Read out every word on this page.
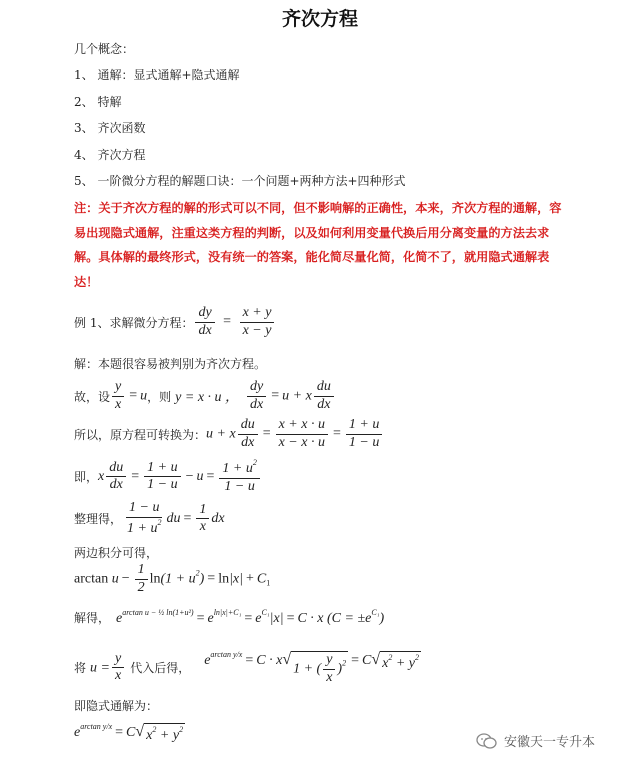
齐次方程
几个概念：
1、 通解：显式通解+隐式通解
2、 特解
3、 齐次函数
4、 齐次方程
5、 一阶微分方程的解题口诀：一个问题+两种方法+四种形式
注：关于齐次方程的解的形式可以不同，但不影响解的正确性，本来，齐次方程的通解，容易出现隐式通解，注重这类方程的判断，以及如何利用变量代换后用分离变量的方法去求解。具体解的最终形式，没有统一的答案，能化简尽量化简，化简不了，就用隐式通解表达！
例 1、求解微分方程： $\frac{dy}{dx} = \frac{x + y}{x - y}$
解：本题很容易被判别为齐次方程。
故，设 $\frac{y}{x} = u$ ，则 y = x · u ， $\frac{dy}{dx} = u + x \frac{du}{dx}$
所以，原方程可转换为： u + x $\frac{du}{dx} = \frac{x + x \cdot u}{x - x \cdot u} = \frac{1 + u}{1 - u}$
即， x $\frac{du}{dx} = \frac{1 + u}{1 - u} - u = \frac{1 + u^2}{1 - u}$
整理得， $\frac{1 - u}{1 + u^2}$ du = $\frac{1}{x}$ dx
两边积分可得，
$\arctan u - \frac{1}{2} \ln(1 + u^2) = \ln|x| + C_1$
解得， $e^{arctan u - \frac{1}{2} ln(1+u^2)} = e^{ln|x|+C_1} = e^{C_1}|x| = C \cdot x$ $(C = \pm e^{C_1})$
将 $u = \frac{y}{x}$ 代入后得，
$e^{arctan y/x} = C \cdot x$ √
1 + ( $\frac{y}{x} )^2 = C$ √ $x^2 + y^2$
即隐式通解为：
$e^{arctan y/x} = C$ √ $x^2 + y^2$
安徽天一专升本
